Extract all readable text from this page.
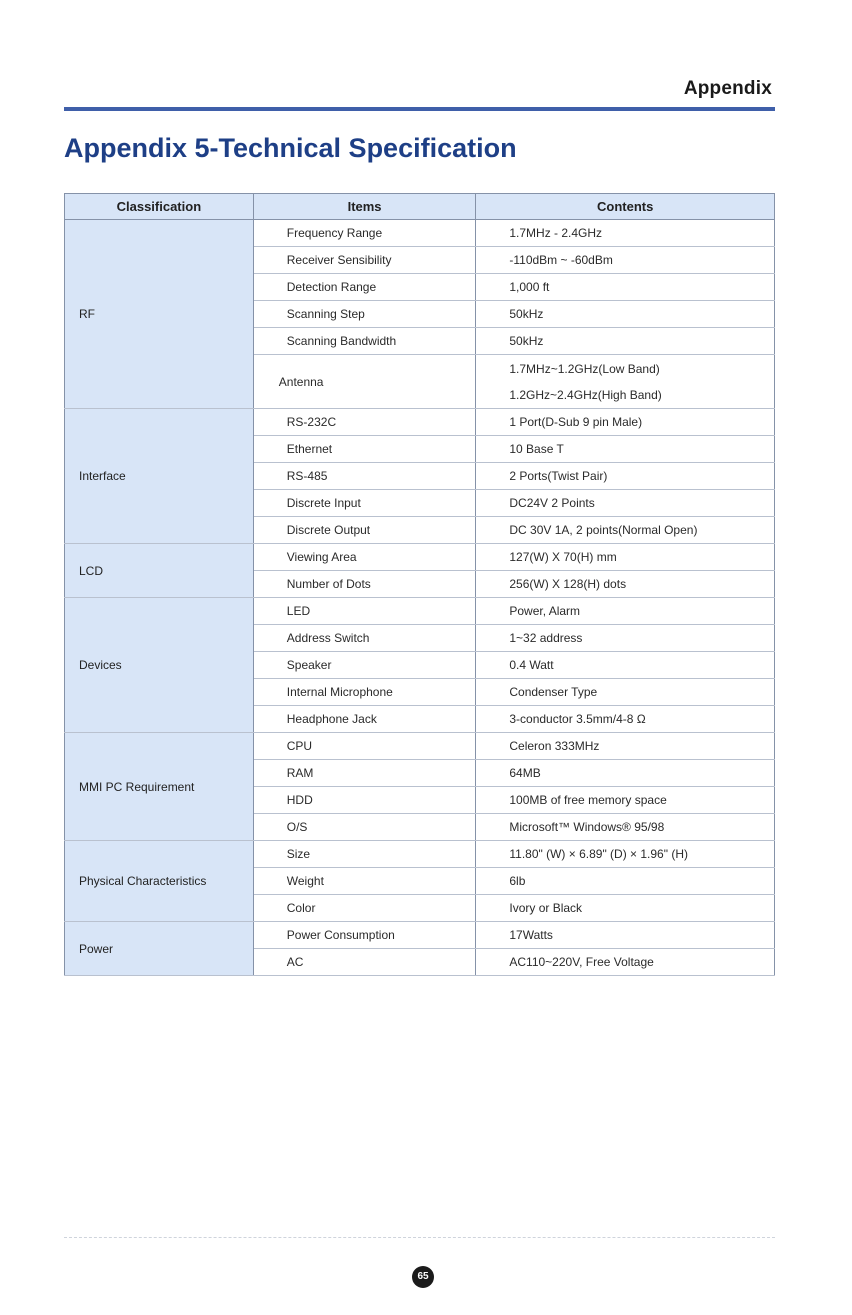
Appendix
Appendix 5-Technical Specification
Classification	Items	Contents
RF	Frequency Range	1.7MHz - 2.4GHz
	Receiver Sensibility	-110dBm ~ -60dBm
	Detection Range	1,000 ft
	Scanning Step	50kHz
	Scanning Bandwidth	50kHz
	Antenna	1.7MHz~1.2GHz(Low Band)
1.2GHz~2.4GHz(High Band)

Interface	RS-232C	1 Port(D-Sub 9 pin Male)
	Ethernet	10 Base T
	RS-485	2 Ports(Twist Pair)
	Discrete Input	DC24V 2 Points
	Discrete Output	DC 30V 1A, 2 points(Normal Open)
LCD	Viewing Area	127(W) X 70(H) mm
	Number of Dots	256(W) X 128(H) dots
Devices	LED	Power, Alarm
	Address Switch	1~32 address
	Speaker	0.4 Watt
	Internal Microphone	Condenser Type
	Headphone Jack	3-conductor 3.5mm/4-8 Ω
MMI PC Requirement	CPU	Celeron 333MHz
	RAM	64MB
	HDD	100MB of free memory space
	O/S	Microsoft™ Windows® 95/98
Physical Characteristics	Size	11.80" (W) × 6.89" (D) × 1.96" (H)
	Weight	6lb
	Color	Ivory or Black
Power	Power Consumption	17Watts
	AC	AC110~220V, Free Voltage
65
